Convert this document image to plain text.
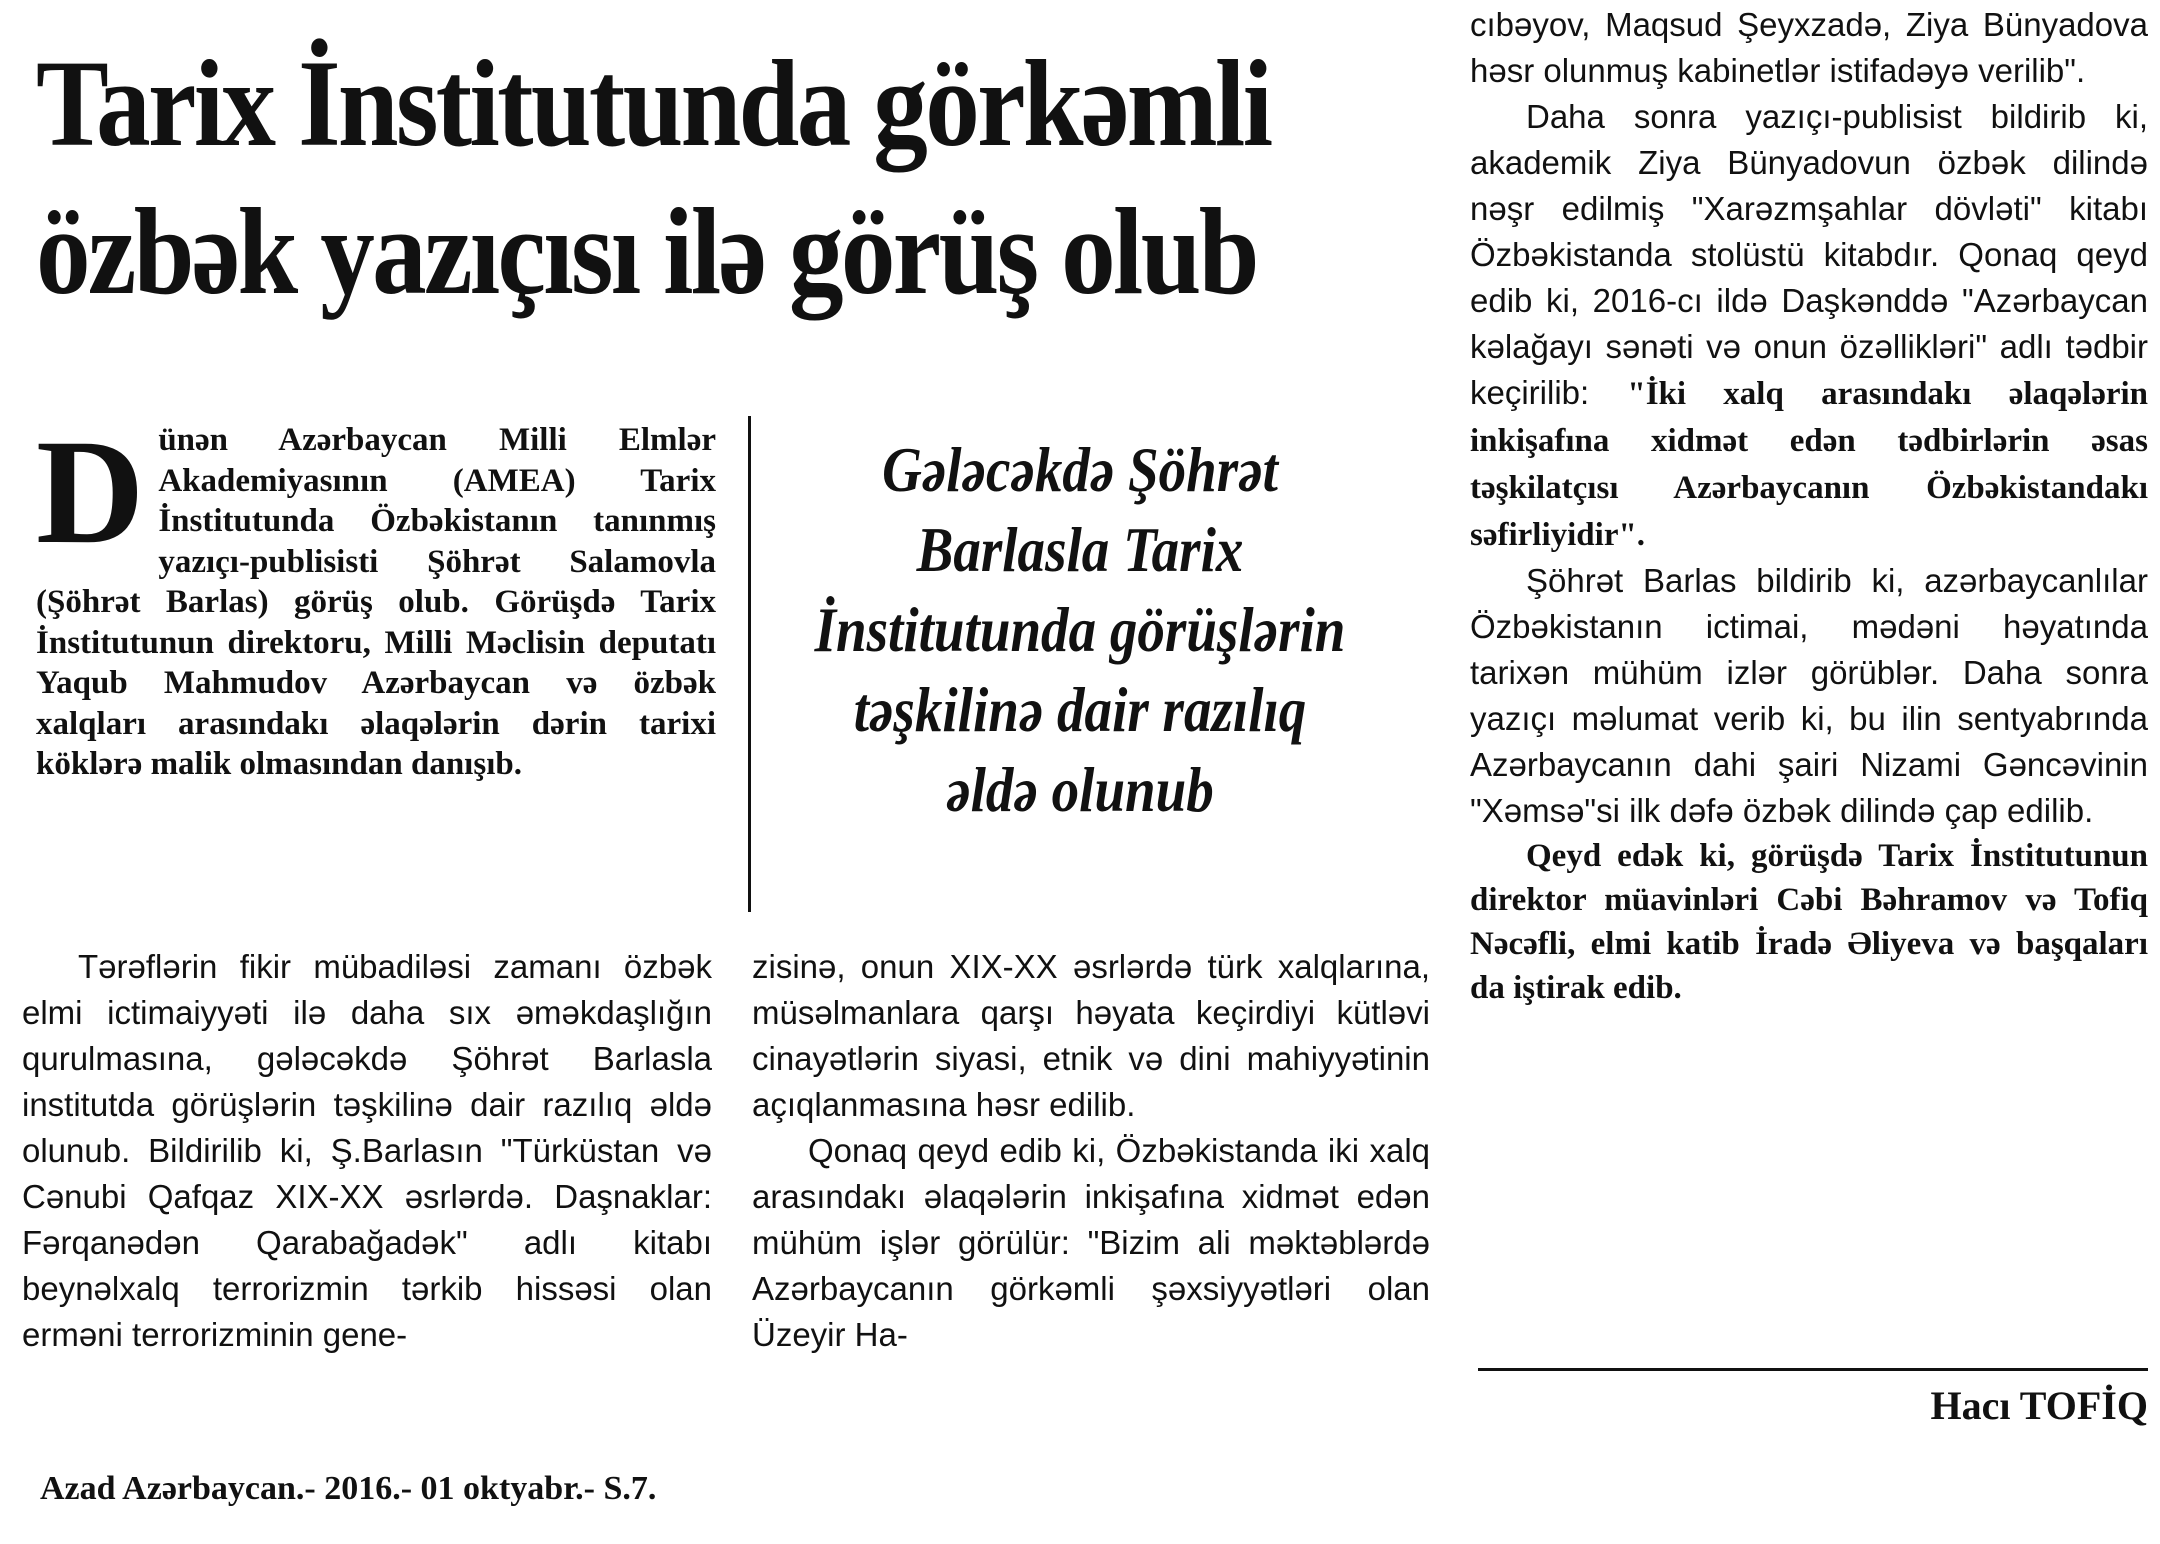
Tarix İnstitutunda görkəmli
özbək yazıçısı ilə görüş olub
D ünən Azərbaycan Milli Elmlər Akademiyasının (AMEA) Tarix İnstitutunda Özbəkistanın tanınmış yazıçı-publisisti Şöhrət Salamovla (Şöhrət Barlas) görüş olub. Görüşdə Tarix İnstitutunun direktoru, Milli Məclisin deputatı Yaqub Mahmudov Azərbaycan və özbək xalqları arasındakı əlaqələrin dərin tarixi köklərə malik olmasından danışıb.
Gələcəkdə Şöhrət
Barlasla Tarix
İnstitutunda görüşlərin
təşkilinə dair razılıq
əldə olunub

Tərəflərin fikir mübadiləsi zamanı özbək elmi ictimaiyyəti ilə daha sıx əməkdaşlığın qurulmasına, gələcəkdə Şöhrət Barlasla institutda görüşlərin təşkilinə dair razılıq əldə olunub. Bildirilib ki, Ş.Barlasın "Türküstan və Cənubi Qafqaz XIX-XX əsrlərdə. Daşnaklar: Fərqanədən Qarabağadək" adlı kitabı beynəlxalq terrorizmin tərkib hissəsi olan erməni terrorizminin gene-

zisinə, onun XIX-XX əsrlərdə türk xalqlarına, müsəlmanlara qarşı həyata keçirdiyi kütləvi cinayətlərin siyasi, etnik və dini mahiyyətinin açıqlanmasına həsr edilib.

Qonaq qeyd edib ki, Özbəkistanda iki xalq arasındakı əlaqələrin inkişafına xidmət edən mühüm işlər görülür: "Bizim ali məktəblərdə Azərbaycanın görkəmli şəxsiyyətləri olan Üzeyir Ha-

cıbəyov, Maqsud Şeyxzadə, Ziya Bünyadova həsr olunmuş kabinetlər istifadəyə verilib".

Daha sonra yazıçı-publisist bildirib ki, akademik Ziya Bünyadovun özbək dilində nəşr edilmiş "Xarəzmşahlar dövləti" kitabı Özbəkistanda stolüstü kitabdır. Qonaq qeyd edib ki, 2016-cı ildə Daşkənddə "Azərbaycan kəlağayı sənəti və onun özəllikləri" adlı tədbir keçirilib: "İki xalq arasındakı əlaqələrin inkişafına xidmət edən tədbirlərin əsas təşkilatçısı Azərbaycanın Özbəkistandakı səfirliyidir".

Şöhrət Barlas bildirib ki, azərbaycanlılar Özbəkistanın ictimai, mədəni həyatında tarixən mühüm izlər görüblər. Daha sonra yazıçı məlumat verib ki, bu ilin sentyabrında Azərbaycanın dahi şairi Nizami Gəncəvinin "Xəmsə"si ilk dəfə özbək dilində çap edilib.

Qeyd edək ki, görüşdə Tarix İnstitutunun direktor müavinləri Cəbi Bəhramov və Tofiq Nəcəfli, elmi katib İradə Əliyeva və başqaları da iştirak edib.

Hacı TOFİQ
Azad Azərbaycan.- 2016.- 01 oktyabr.- S.7.
